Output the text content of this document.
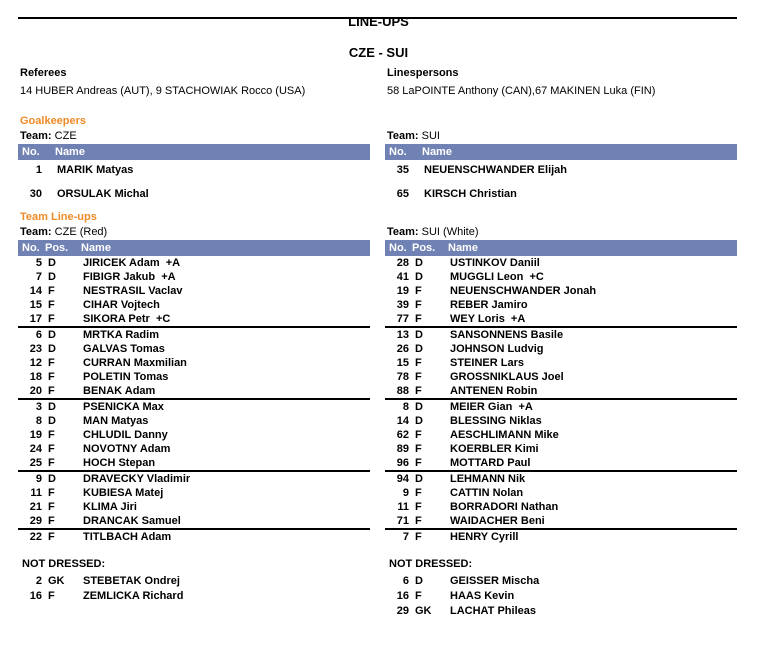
LINE-UPS
CZE - SUI
Referees
14 HUBER Andreas (AUT), 9 STACHOWIAK Rocco (USA)
Linespersons
58 LaPOINTE Anthony (CAN),67 MAKINEN Luka (FIN)
Goalkeepers
Team: CZE
No.	Name
1 MARIK Matyas
30 ORSULAK Michal
Team: SUI
No.	Name
35 NEUENSCHWANDER Elijah
65 KIRSCH Christian
Team Line-ups
Team: CZE (Red)
No. Pos.	Name
5 D	JIRICEK Adam  +A
7 D	FIBIGR Jakub  +A
14 F	NESTRASIL Vaclav
15 F	CIHAR Vojtech
17 F	SIKORA Petr  +C
6 D	MRTKA Radim
23 D	GALVAS Tomas
12 F	CURRAN Maxmilian
18 F	POLETIN Tomas
20 F	BENAK Adam
3 D	PSENICKA Max
8 D	MAN Matyas
19 F	CHLUDIL Danny
24 F	NOVOTNY Adam
25 F	HOCH Stepan
9 D	DRAVECKY Vladimir
11 F	KUBIESA Matej
21 F	KLIMA Jiri
29 F	DRANCAK Samuel
22 F	TITLBACH Adam
Team: SUI (White)
No. Pos.	Name
28 D	USTINKOV Daniil
41 D	MUGGLI Leon  +C
19 F	NEUENSCHWANDER Jonah
39 F	REBER Jamiro
77 F	WEY Loris  +A
13 D	SANSONNENS Basile
26 D	JOHNSON Ludvig
15 F	STEINER Lars
78 F	GROSSNIKLAUS Joel
88 F	ANTENEN Robin
8 D	MEIER Gian  +A
14 D	BLESSING Niklas
62 F	AESCHLIMANN Mike
89 F	KOERBLER Kimi
96 F	MOTTARD Paul
94 D	LEHMANN Nik
9 F	CATTIN Nolan
11 F	BORRADORI Nathan
71 F	WAIDACHER Beni
7 F	HENRY Cyrill
NOT DRESSED:
2 GK	STEBETAK Ondrej
16 F	ZEMLICKA Richard
NOT DRESSED:
6 D	GEISSER Mischa
16 F	HAAS Kevin
29 GK	LACHAT Phileas
